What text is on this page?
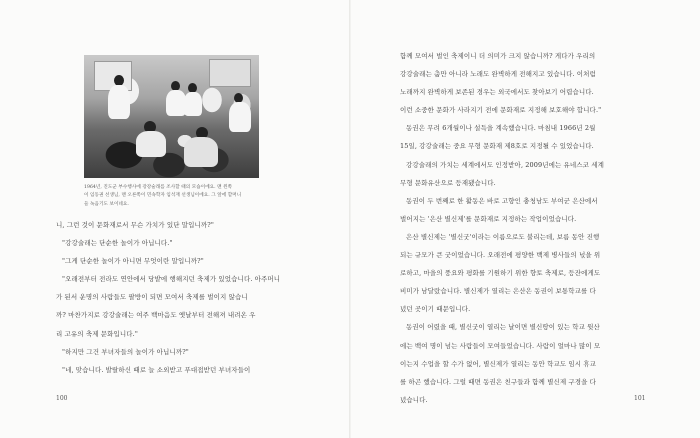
1964년, 진도군 부수행사에 강강술래를 조사할 때의 모습이에요. 맨 왼쪽
이 임동권 선생님, 맨 오른쪽이 민속학자 임석재 선생님이에요. 그 앞에 할머니
들 녹음기도 보이네요.

니, 그런 것이 문화재로서 무슨 가치가 있단 말입니까?"

"강강술래는 단순한 놀이가 아닙니다."

"그게 단순한 놀이가 아니면 무엇이란 말입니까?"

"오래전부터 전라도 연안에서 당밭에 행해지던 축제가 있었습니다. 아주머니

가 된서 운명의 사람들도 팔방이 되면 모여서 축제를 벌이지 않습니

까? 마찬가지로 강강술래는 여주 백마음도 옛날부터 전해져 내려온 우

리 고유의 축제 문화입니다."

"하지만 그건 부녀자들의 놀이가 아닙니까?"

"네, 맞습니다. 발랄하신 때로 늘 소외받고 푸대접받던 부녀자들이

함께 모여서 벌인 축제이니 더 의미가 크지 않습니까? 게다가 우리의

강강술래는 춤만 아니라 노래도 완벽하게 전해지고 있습니다. 이처럼

노래까지 완벽하게 보존된 경우는 외국에서도 찾아보기 어렵습니다.

이런 소중한 문화가 사라지기 전에 문화재로 지정해 보호해야 합니다."

동권은 무려 6개월이나 설득을 계속했습니다. 마침내 1966년 2월

15일, 강강술래는 중요 무형 문화재 제8호로 지정될 수 있었습니다.

강강술래의 가치는 세계에서도 인정받아, 2009년에는 유네스코 세계

무형 문화유산으로 등재됐습니다.

동권이 두 번째로 한 활동은 바로 고향인 충청남도 부여군 은산에서

벌어지는 '은산 별신제'를 문화재로 지정하는 작업이었습니다.

은산 별신제는 '별신굿'이라는 이름으로도 불리는데, 보름 동안 진행

되는 규모가 큰 굿이었습니다. 오래전에 평양한 백제 병사들의 넋을 위

로하고, 마을의 풍요와 평화를 기원하기 위한 향토 축제로, 등잔에게도

비미가 남달랐습니다. 별신제가 열리는 은산은 동권이 보통학교를 다

녔던 곳이기 때문입니다.

동권이 어렸을 때, 별신굿이 열리는 날이면 별신땅이 있는 학교 뒷산

에는 백여 명이 넘는 사람들이 모여들었습니다. 사람이 얼마나 많이 모

이는지 수업을 할 수가 없어, 별신제가 열리는 동안 학교도 임시 휴교

를 하곤 했습니다. 그럴 때면 동권은 친구들과 함께 별신제 구경을 다

녔습니다.

100	101
